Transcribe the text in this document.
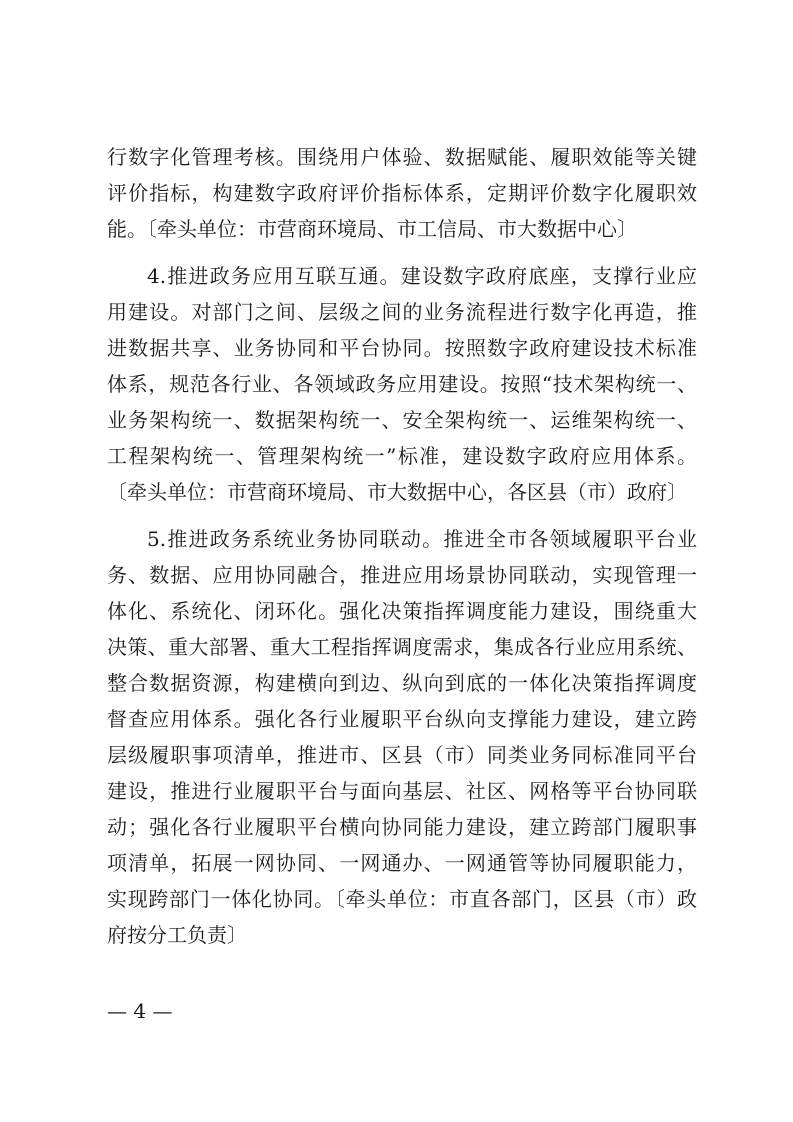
行数字化管理考核。围绕用户体验、数据赋能、履职效能等关键
评价指标，构建数字政府评价指标体系，定期评价数字化履职效
能。〔牵头单位：市营商环境局、市工信局、市大数据中心〕
4.推进政务应用互联互通。建设数字政府底座，支撑行业应
用建设。对部门之间、层级之间的业务流程进行数字化再造，推
进数据共享、业务协同和平台协同。按照数字政府建设技术标准
体系，规范各行业、各领域政务应用建设。按照“技术架构统一、
业务架构统一、数据架构统一、安全架构统一、运维架构统一、
工程架构统一、管理架构统一”标准，建设数字政府应用体系。
〔牵头单位：市营商环境局、市大数据中心，各区县（市）政府〕
5.推进政务系统业务协同联动。推进全市各领域履职平台业
务、数据、应用协同融合，推进应用场景协同联动，实现管理一
体化、系统化、闭环化。强化决策指挥调度能力建设，围绕重大
决策、重大部署、重大工程指挥调度需求，集成各行业应用系统、
整合数据资源，构建横向到边、纵向到底的一体化决策指挥调度
督查应用体系。强化各行业履职平台纵向支撑能力建设，建立跨
层级履职事项清单，推进市、区县（市）同类业务同标准同平台
建设，推进行业履职平台与面向基层、社区、网格等平台协同联
动；强化各行业履职平台横向协同能力建设，建立跨部门履职事
项清单，拓展一网协同、一网通办、一网通管等协同履职能力，
实现跨部门一体化协同。〔牵头单位：市直各部门，区县（市）政
府按分工负责〕
— 4 —
